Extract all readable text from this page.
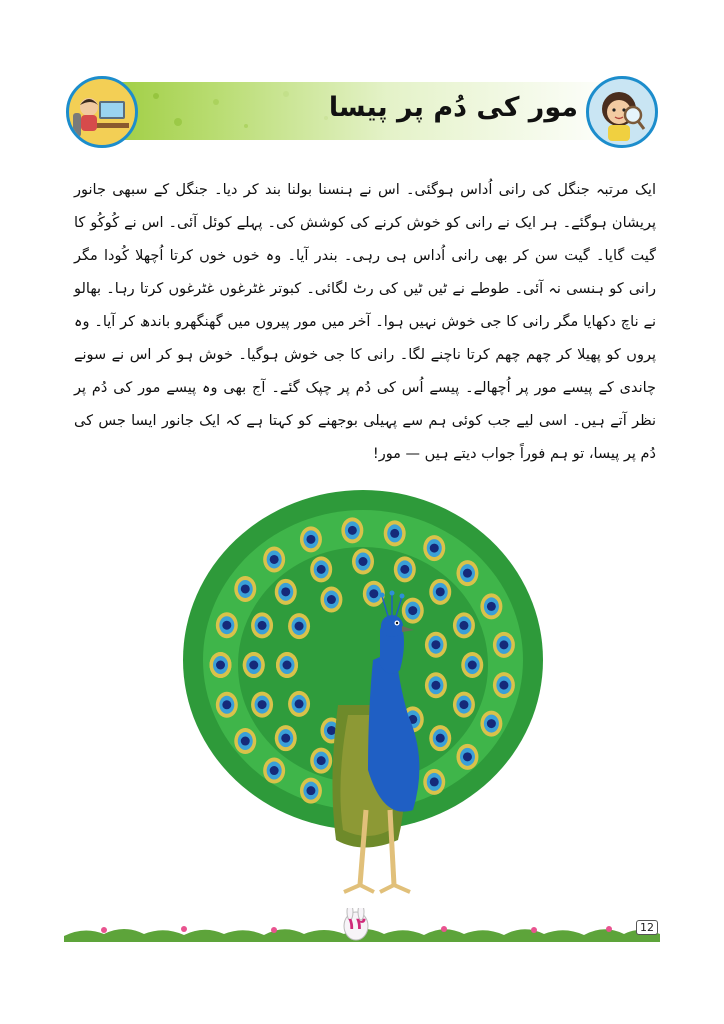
مور کی دُم پر پیسا
ایک مرتبہ جنگل کی رانی اُداس ہوگئی۔ اس نے ہنسنا بولنا بند کر دیا۔ جنگل کے سبھی جانور پریشان ہوگئے۔ ہر ایک نے رانی کو خوش کرنے کی کوشش کی۔ پہلے کوئل آئی۔ اس نے کُوکُو کا گیت گایا۔ گیت سن کر بھی رانی اُداس ہی رہی۔ بندر آیا۔ وہ خوں خوں کرتا اُچھلا کُودا مگر رانی کو ہنسی نہ آئی۔ طوطے نے ٹیں ٹیں کی رٹ لگائی۔ کبوتر غٹرغوں غٹرغوں کرتا رہا۔ بھالو نے ناچ دکھایا مگر رانی کا جی خوش نہیں ہوا۔ آخر میں مور پیروں میں گھنگھرو باندھ کر آیا۔ وہ پروں کو پھیلا کر چھم چھم کرتا ناچنے لگا۔ رانی کا جی خوش ہوگیا۔ خوش ہو کر اس نے سونے چاندی کے پیسے مور پر اُچھالے۔ پیسے اُس کی دُم پر چپک گئے۔ آج بھی وہ پیسے مور کی دُم پر نظر آتے ہیں۔ اسی لیے جب کوئی ہم سے پہیلی بوجھنے کو کہتا ہے کہ ایک جانور ایسا جس کی دُم پر پیسا، تو ہم فوراً جواب دیتے ہیں — مور!
۱۲	12
